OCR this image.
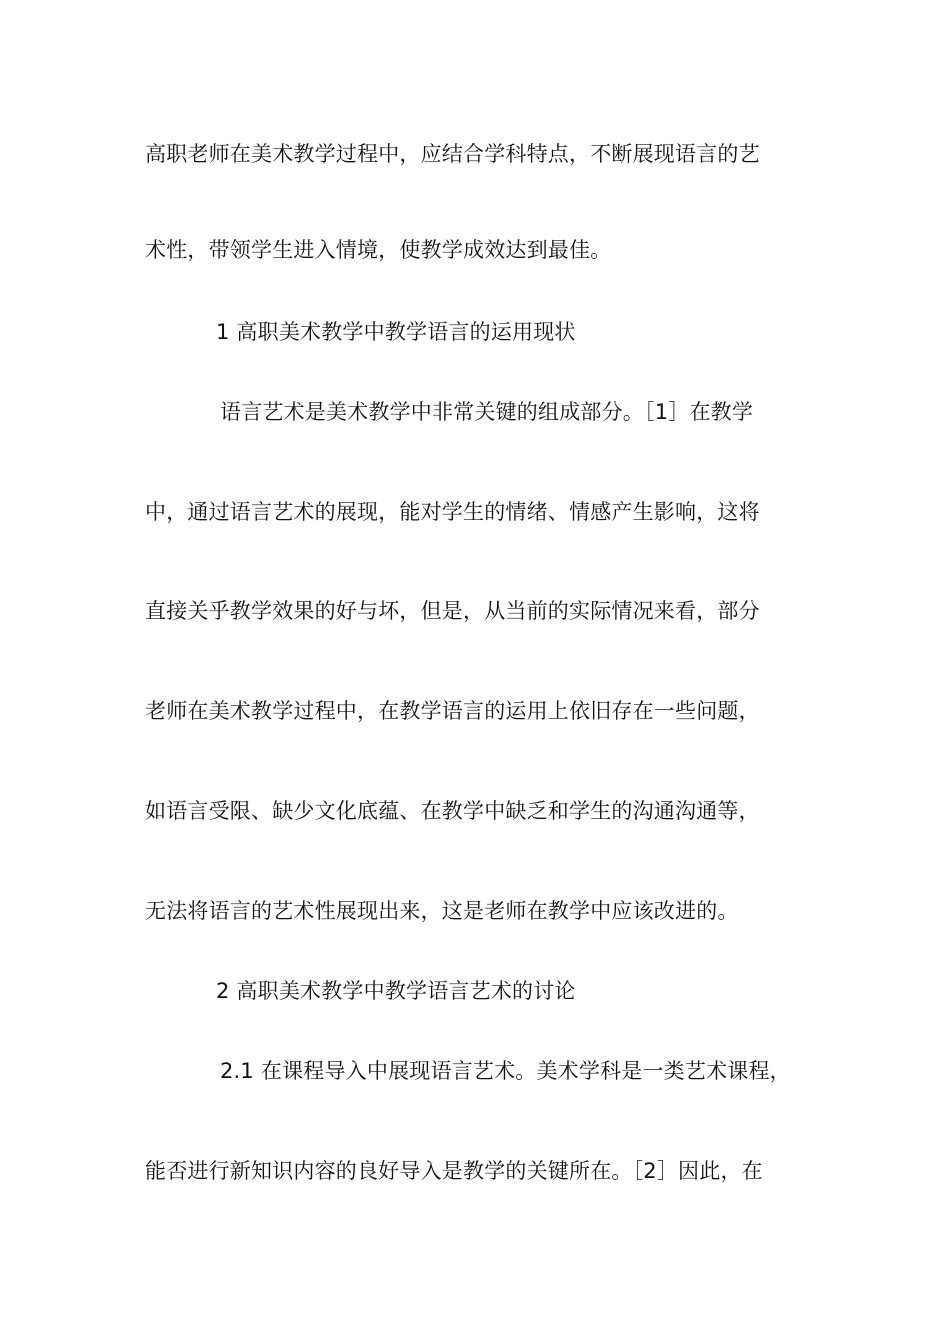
高职老师在美术教学过程中，应结合学科特点，不断展现语言的艺
术性，带领学生进入情境，使教学成效达到最佳。
1 高职美术教学中教学语言的运用现状
语言艺术是美术教学中非常关键的组成部分。［1］在教学
中，通过语言艺术的展现，能对学生的情绪、情感产生影响，这将
直接关乎教学效果的好与坏，但是，从当前的实际情况来看，部分
老师在美术教学过程中，在教学语言的运用上依旧存在一些问题，
如语言受限、缺少文化底蕴、在教学中缺乏和学生的沟通沟通等，
无法将语言的艺术性展现出来，这是老师在教学中应该改进的。
2 高职美术教学中教学语言艺术的讨论
2.1 在课程导入中展现语言艺术。美术学科是一类艺术课程，
能否进行新知识内容的良好导入是教学的关键所在。［2］因此，在
